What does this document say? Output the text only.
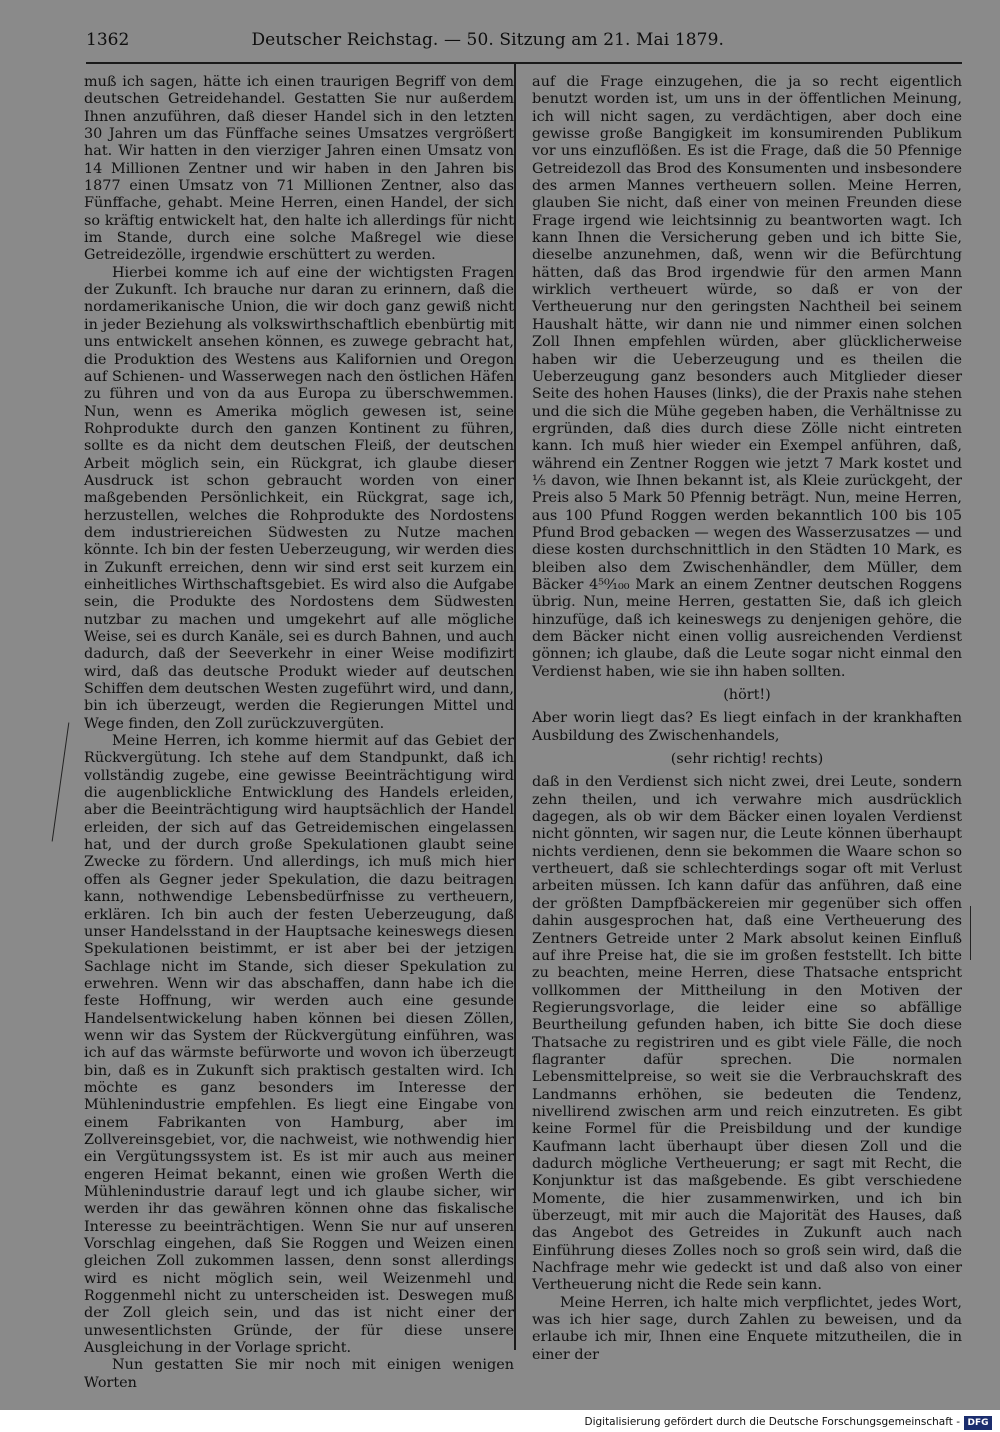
1362	Deutscher Reichstag. — 50. Sitzung am 21. Mai 1879.

muß ich sagen, hätte ich einen traurigen Begriff von dem deutschen Getreidehandel. Gestatten Sie nur außerdem Ihnen anzuführen, daß dieser Handel sich in den letzten 30 Jahren um das Fünffache seines Umsatzes vergrößert hat. Wir hatten in den vierziger Jahren einen Umsatz von 14 Millionen Zentner und wir haben in den Jahren bis 1877 einen Umsatz von 71 Millionen Zentner, also das Fünffache, gehabt. Meine Herren, einen Handel, der sich so kräftig entwickelt hat, den halte ich allerdings für nicht im Stande, durch eine solche Maßregel wie diese Getreidezölle, irgendwie erschüttert zu werden.

Hierbei komme ich auf eine der wichtigsten Fragen der Zukunft. Ich brauche nur daran zu erinnern, daß die nordamerikanische Union, die wir doch ganz gewiß nicht in jeder Beziehung als volkswirthschaftlich ebenbürtig mit uns entwickelt ansehen können, es zuwege gebracht hat, die Produktion des Westens aus Kalifornien und Oregon auf Schienen- und Wasserwegen nach den östlichen Häfen zu führen und von da aus Europa zu überschwemmen. Nun, wenn es Amerika möglich gewesen ist, seine Rohprodukte durch den ganzen Kontinent zu führen, sollte es da nicht dem deutschen Fleiß, der deutschen Arbeit möglich sein, ein Rückgrat, ich glaube dieser Ausdruck ist schon gebraucht worden von einer maßgebenden Persönlichkeit, ein Rückgrat, sage ich, herzustellen, welches die Rohprodukte des Nordostens dem industriereichen Südwesten zu Nutze machen könnte. Ich bin der festen Ueberzeugung, wir werden dies in Zukunft erreichen, denn wir sind erst seit kurzem ein einheitliches Wirthschaftsgebiet. Es wird also die Aufgabe sein, die Produkte des Nordostens dem Südwesten nutzbar zu machen und umgekehrt auf alle mögliche Weise, sei es durch Kanäle, sei es durch Bahnen, und auch dadurch, daß der Seeverkehr in einer Weise modifizirt wird, daß das deutsche Produkt wieder auf deutschen Schiffen dem deutschen Westen zugeführt wird, und dann, bin ich überzeugt, werden die Regierungen Mittel und Wege finden, den Zoll zurückzuvergüten.

Meine Herren, ich komme hiermit auf das Gebiet der Rückvergütung. Ich stehe auf dem Standpunkt, daß ich vollständig zugebe, eine gewisse Beeinträchtigung wird die augenblickliche Entwicklung des Handels erleiden, aber die Beeinträchtigung wird hauptsächlich der Handel erleiden, der sich auf das Getreidemischen eingelassen hat, und der durch große Spekulationen glaubt seine Zwecke zu fördern. Und allerdings, ich muß mich hier offen als Gegner jeder Spekulation, die dazu beitragen kann, nothwendige Lebensbedürfnisse zu vertheuern, erklären. Ich bin auch der festen Ueberzeugung, daß unser Handelsstand in der Hauptsache keineswegs diesen Spekulationen beistimmt, er ist aber bei der jetzigen Sachlage nicht im Stande, sich dieser Spekulation zu erwehren. Wenn wir das abschaffen, dann habe ich die feste Hoffnung, wir werden auch eine gesunde Handelsentwickelung haben können bei diesen Zöllen, wenn wir das System der Rückvergütung einführen, was ich auf das wärmste befürworte und wovon ich überzeugt bin, daß es in Zukunft sich praktisch gestalten wird. Ich möchte es ganz besonders im Interesse der Mühlenindustrie empfehlen. Es liegt eine Eingabe von einem Fabrikanten von Hamburg, aber im Zollvereinsgebiet, vor, die nachweist, wie nothwendig hier ein Vergütungssystem ist. Es ist mir auch aus meiner engeren Heimat bekannt, einen wie großen Werth die Mühlenindustrie darauf legt und ich glaube sicher, wir werden ihr das gewähren können ohne das fiskalische Interesse zu beeinträchtigen. Wenn Sie nur auf unseren Vorschlag eingehen, daß Sie Roggen und Weizen einen gleichen Zoll zukommen lassen, denn sonst allerdings wird es nicht möglich sein, weil Weizenmehl und Roggenmehl nicht zu unterscheiden ist. Deswegen muß der Zoll gleich sein, und das ist nicht einer der unwesentlichsten Gründe, der für diese unsere Ausgleichung in der Vorlage spricht.

Nun gestatten Sie mir noch mit einigen wenigen Worten

auf die Frage einzugehen, die ja so recht eigentlich benutzt worden ist, um uns in der öffentlichen Meinung, ich will nicht sagen, zu verdächtigen, aber doch eine gewisse große Bangigkeit im konsumirenden Publikum vor uns einzuflößen. Es ist die Frage, daß die 50 Pfennige Getreidezoll das Brod des Konsumenten und insbesondere des armen Mannes vertheuern sollen. Meine Herren, glauben Sie nicht, daß einer von meinen Freunden diese Frage irgend wie leichtsinnig zu beantworten wagt. Ich kann Ihnen die Versicherung geben und ich bitte Sie, dieselbe anzunehmen, daß, wenn wir die Befürchtung hätten, daß das Brod irgendwie für den armen Mann wirklich vertheuert würde, so daß er von der Vertheuerung nur den geringsten Nachtheil bei seinem Haushalt hätte, wir dann nie und nimmer einen solchen Zoll Ihnen empfehlen würden, aber glücklicherweise haben wir die Ueberzeugung und es theilen die Ueberzeugung ganz besonders auch Mitglieder dieser Seite des hohen Hauses (links), die der Praxis nahe stehen und die sich die Mühe gegeben haben, die Verhältnisse zu ergründen, daß dies durch diese Zölle nicht eintreten kann. Ich muß hier wieder ein Exempel anführen, daß, während ein Zentner Roggen wie jetzt 7 Mark kostet und ⅕ davon, wie Ihnen bekannt ist, als Kleie zurückgeht, der Preis also 5 Mark 50 Pfennig beträgt. Nun, meine Herren, aus 100 Pfund Roggen werden bekanntlich 100 bis 105 Pfund Brod gebacken — wegen des Wasserzusatzes — und diese kosten durchschnittlich in den Städten 10 Mark, es bleiben also dem Zwischenhändler, dem Müller, dem Bäcker 4⁵⁰⁄₁₀₀ Mark an einem Zentner deutschen Roggens übrig. Nun, meine Herren, gestatten Sie, daß ich gleich hinzufüge, daß ich keineswegs zu denjenigen gehöre, die dem Bäcker nicht einen vollig ausreichenden Verdienst gönnen; ich glaube, daß die Leute sogar nicht einmal den Verdienst haben, wie sie ihn haben sollten.

(hört!)

Aber worin liegt das? Es liegt einfach in der krankhaften Ausbildung des Zwischenhandels,

(sehr richtig! rechts)

daß in den Verdienst sich nicht zwei, drei Leute, sondern zehn theilen, und ich verwahre mich ausdrücklich dagegen, als ob wir dem Bäcker einen loyalen Verdienst nicht gönnten, wir sagen nur, die Leute können überhaupt nichts verdienen, denn sie bekommen die Waare schon so vertheuert, daß sie schlechterdings sogar oft mit Verlust arbeiten müssen. Ich kann dafür das anführen, daß eine der größten Dampfbäckereien mir gegenüber sich offen dahin ausgesprochen hat, daß eine Vertheuerung des Zentners Getreide unter 2 Mark absolut keinen Einfluß auf ihre Preise hat, die sie im großen feststellt. Ich bitte zu beachten, meine Herren, diese Thatsache entspricht vollkommen der Mittheilung in den Motiven der Regierungsvorlage, die leider eine so abfällige Beurtheilung gefunden haben, ich bitte Sie doch diese Thatsache zu registriren und es gibt viele Fälle, die noch flagranter dafür sprechen. Die normalen Lebensmittelpreise, so weit sie die Verbrauchskraft des Landmanns erhöhen, sie bedeuten die Tendenz, nivellirend zwischen arm und reich einzutreten. Es gibt keine Formel für die Preisbildung und der kundige Kaufmann lacht überhaupt über diesen Zoll und die dadurch mögliche Vertheuerung; er sagt mit Recht, die Konjunktur ist das maßgebende. Es gibt verschiedene Momente, die hier zusammenwirken, und ich bin überzeugt, mit mir auch die Majorität des Hauses, daß das Angebot des Getreides in Zukunft auch nach Einführung dieses Zolles noch so groß sein wird, daß die Nachfrage mehr wie gedeckt ist und daß also von einer Vertheuerung nicht die Rede sein kann.

Meine Herren, ich halte mich verpflichtet, jedes Wort, was ich hier sage, durch Zahlen zu beweisen, und da erlaube ich mir, Ihnen eine Enquete mitzutheilen, die in einer der

Digitalisierung gefördert durch die Deutsche Forschungsgemeinschaft - DFG
